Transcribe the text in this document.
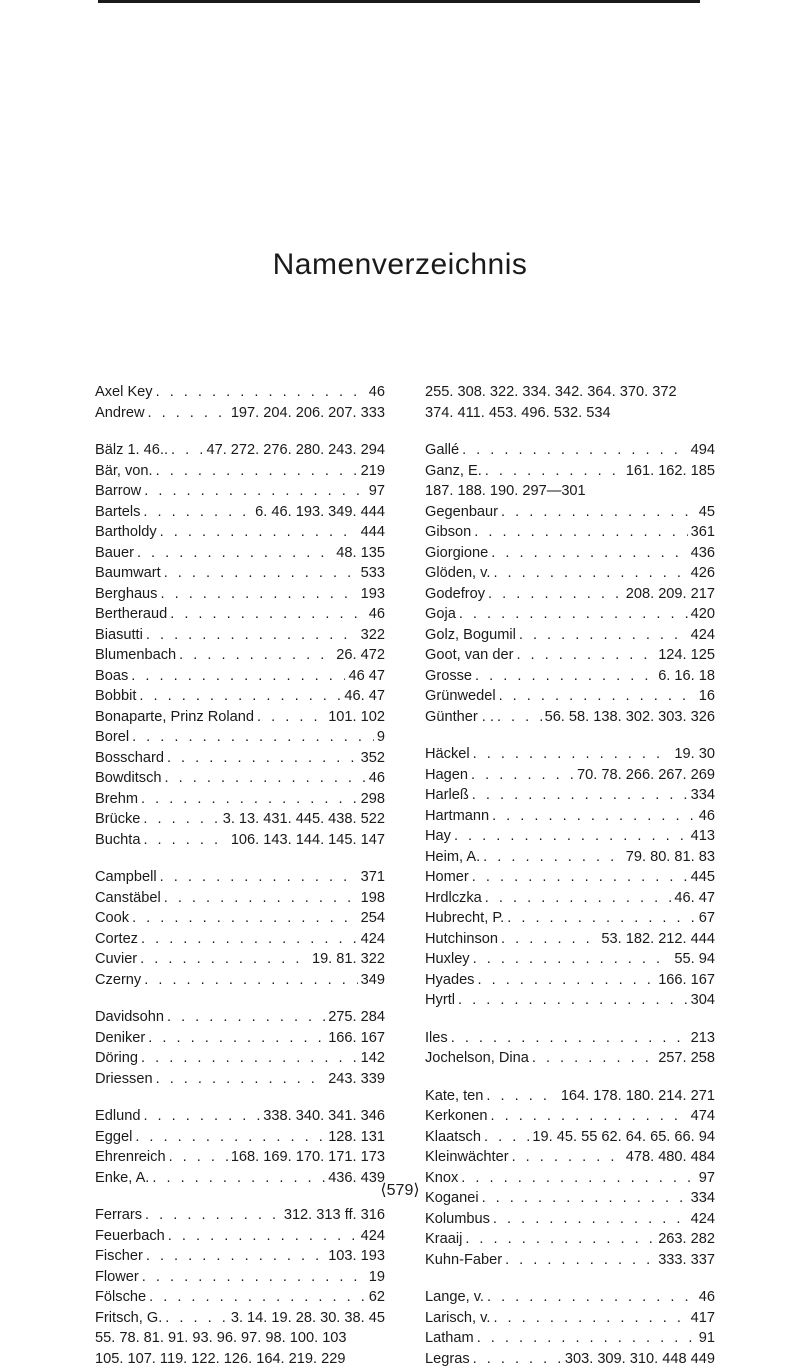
Namenverzeichnis
Axel Key . . .	46
Andrew . . .	197. 204. 206. 207. 333
Bälz 1. 46.. . . .	47. 272. 276. 280. 243. 294
Bär, von. . . .	219
Barrow . . .	97
Bartels . . .	6. 46. 193. 349. 444
Bartholdy . . .	444
Bauer . . .	48. 135
Baumwart . . .	533
Berghaus . . .	193
Bertheraud . . .	46
Biasutti . . .	322
Blumenbach . . .	26. 472
Boas . . .	46 47
Bobbit . . .	46. 47
Bonaparte, Prinz Roland . . .	101. 102
Borel . . .	9
Bosschard . . .	352
Bowditsch . . .	46
Brehm . . .	298
Brücke . . .	3. 13. 431. 445. 438. 522
Buchta . . .	106. 143. 144. 145. 147
Campbell . . .	371
Canstäbel . . .	198
Cook . . .	254
Cortez . . .	424
Cuvier . . .	19. 81. 322
Czerny . . .	349
Davidsohn . . .	275. 284
Deniker . . .	166. 167
Döring . . .	142
Driessen . . .	243. 339
Edlund . . .	338. 340. 341. 346
Eggel . . .	128. 131
Ehrenreich . . .	168. 169. 170. 171. 173
Enke, A. . . .	436. 439
Ferrars . . .	312. 313 ff. 316
Feuerbach . . .	424
Fischer . . .	103. 193
Flower . . .	19
Fölsche . . .	62
Fritsch, G. . . .	3. 14. 19. 28. 30. 38. 45
55. 78. 81. 91. 93. 96. 97. 98. 100. 103
105. 107. 119. 122. 126. 164. 219. 229
255. 308. 322. 334. 342. 364. 370. 372
374. 411. 453. 496. 532. 534
Gallé . . .	494
Ganz, E. . . .	161. 162. 185
187. 188. 190. 297—301
Gegenbaur . . .	45
Gibson . . .	361
Giorgione . . .	436
Glöden, v. . . .	426
Godefroy . . .	208. 209. 217
Goja . . .	420
Golz, Bogumil . . .	424
Goot, van der . . .	124. 125
Grosse . . .	6. 16. 18
Grünwedel . . .	16
Günther . . . . .	56. 58. 138. 302. 303. 326
Häckel . . .	19. 30
Hagen . . .	70. 78. 266. 267. 269
Harleß . . .	334
Hartmann . . .	46
Hay . . .	413
Heim, A. . . .	79. 80. 81. 83
Homer . . .	445
Hrdlczka . . .	46. 47
Hubrecht, P. . . .	67
Hutchinson . . .	53. 182. 212. 444
Huxley . . .	55. 94
Hyades . . .	166. 167
Hyrtl . . .	304
Iles . . .	213
Jochelson, Dina . . .	257. 258
Kate, ten . . .	164. 178. 180. 214. 271
Kerkonen . . .	474
Klaatsch . . .	19. 45. 55 62. 64. 65. 66. 94
Kleinwächter . . .	478. 480. 484
Knox . . .	97
Koganei . . .	334
Kolumbus . . .	424
Kraaij . . .	263. 282
Kuhn-Faber . . .	333. 337
Lange, v. . . .	46
Larisch, v. . . .	417
Latham . . .	91
Legras . . .	303. 309. 310. 448 449
⟨579⟩
